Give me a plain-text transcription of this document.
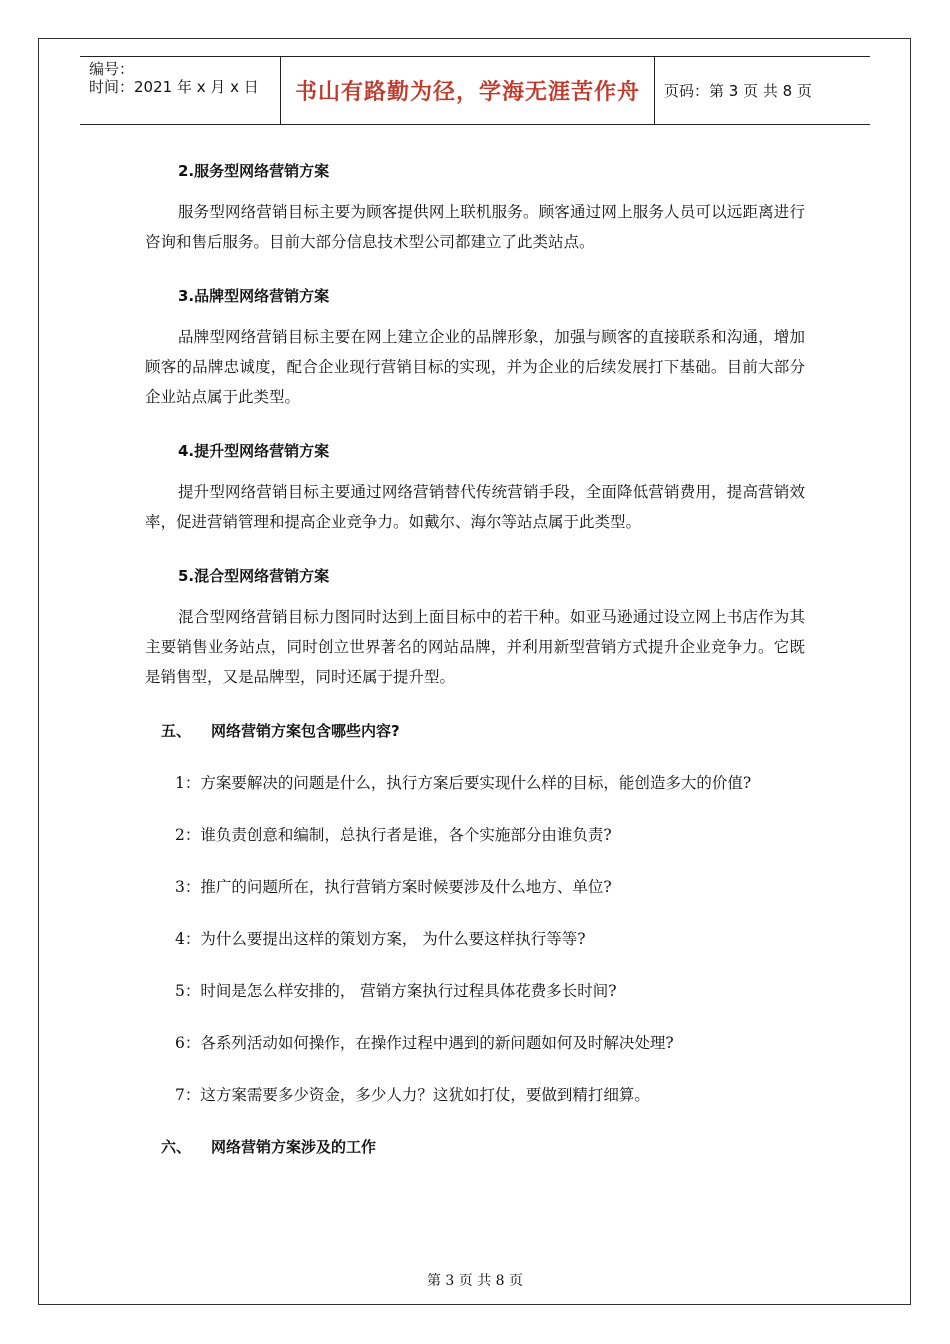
编号：
时间：2021 年 x 月 x 日	书山有路勤为径，学海无涯苦作舟	页码：第 3 页 共 8 页

2.服务型网络营销方案

服务型网络营销目标主要为顾客提供网上联机服务。顾客通过网上服务人员可以远距离进行咨询和售后服务。目前大部分信息技术型公司都建立了此类站点。

3.品牌型网络营销方案

品牌型网络营销目标主要在网上建立企业的品牌形象，加强与顾客的直接联系和沟通，增加顾客的品牌忠诚度，配合企业现行营销目标的实现，并为企业的后续发展打下基础。目前大部分企业站点属于此类型。

4.提升型网络营销方案

提升型网络营销目标主要通过网络营销替代传统营销手段，全面降低营销费用，提高营销效率，促进营销管理和提高企业竞争力。如戴尔、海尔等站点属于此类型。

5.混合型网络营销方案

混合型网络营销目标力图同时达到上面目标中的若干种。如亚马逊通过设立网上书店作为其主要销售业务站点，同时创立世界著名的网站品牌，并利用新型营销方式提升企业竞争力。它既是销售型，又是品牌型，同时还属于提升型。

五、	网络营销方案包含哪些内容?

1：方案要解决的问题是什么，执行方案后要实现什么样的目标，能创造多大的价值?

2：谁负责创意和编制，总执行者是谁，各个实施部分由谁负责?

3：推广的问题所在，执行营销方案时候要涉及什么地方、单位?

4：为什么要提出这样的策划方案， 为什么要这样执行等等?

5：时间是怎么样安排的， 营销方案执行过程具体花费多长时间?

6：各系列活动如何操作，在操作过程中遇到的新问题如何及时解决处理?

7：这方案需要多少资金，多少人力？这犹如打仗，要做到精打细算。

六、	网络营销方案涉及的工作
第 3 页 共 8 页
